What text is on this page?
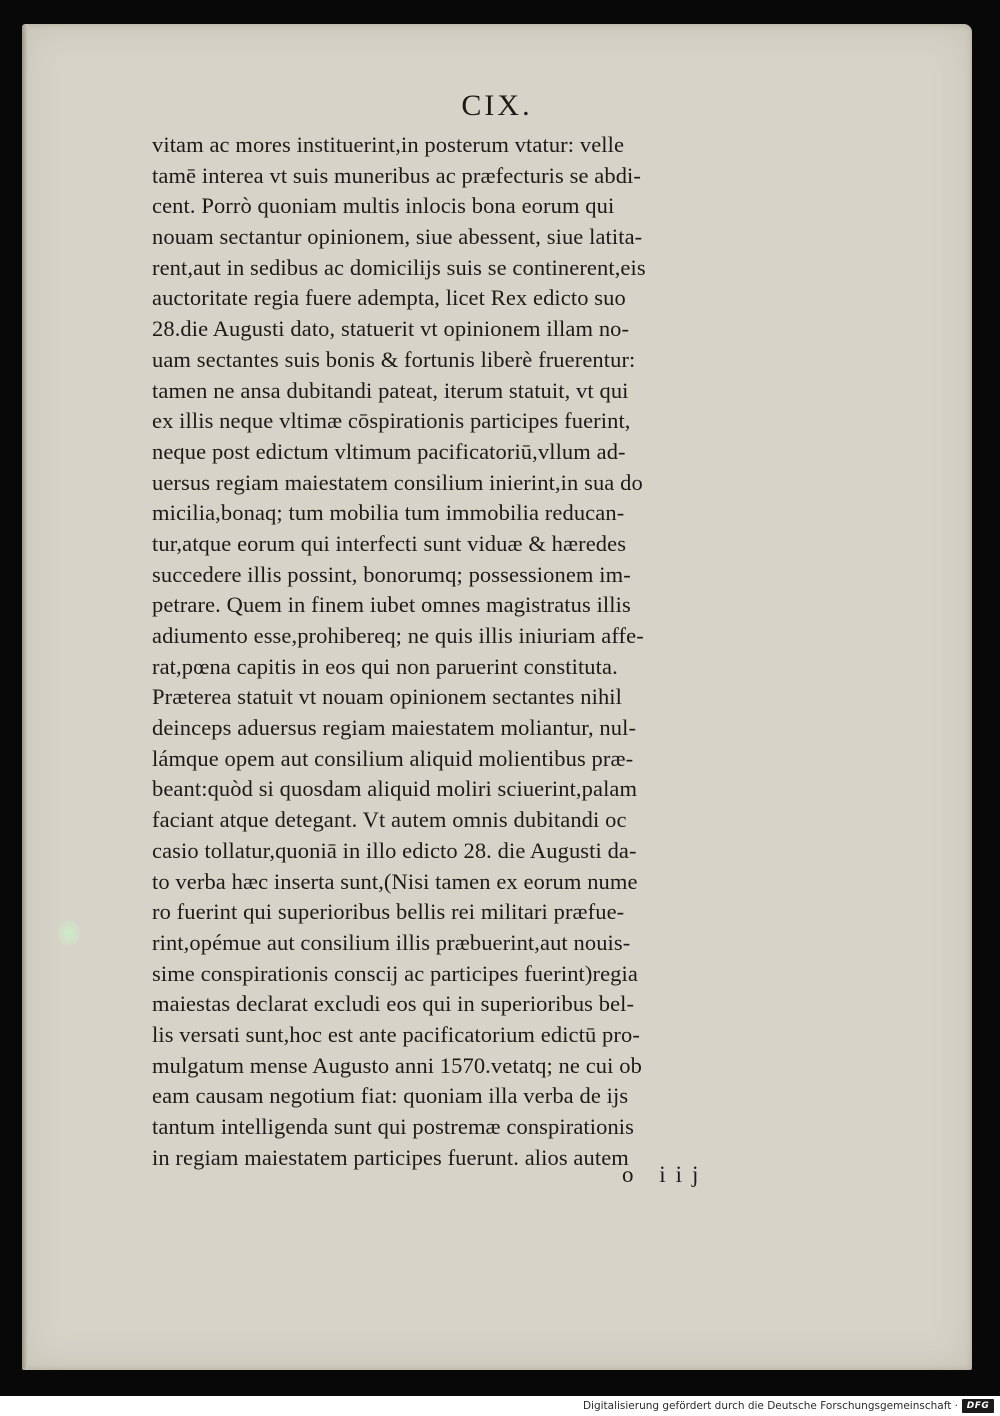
CIX.
vitam ac mores instituerint,in posterum vtatur: velle
tamē interea vt suis muneribus ac præfecturis se abdi-
cent. Porrò quoniam multis inlocis bona eorum qui
nouam sectantur opinionem, siue abessent, siue latita-
rent,aut in sedibus ac domicilijs suis se continerent,eis
auctoritate regia fuere adempta, licet Rex edicto suo
28.die Augusti dato, statuerit vt opinionem illam no-
uam sectantes suis bonis & fortunis liberè fruerentur:
tamen ne ansa dubitandi pateat, iterum statuit, vt qui
ex illis neque vltimæ cōspirationis participes fuerint,
neque post edictum vltimum pacificatoriū,vllum ad-
uersus regiam maiestatem consilium inierint,in sua do
micilia,bonaq; tum mobilia tum immobilia reducan-
tur,atque eorum qui interfecti sunt viduæ & hæredes
succedere illis possint, bonorumq; possessionem im-
petrare. Quem in finem iubet omnes magistratus illis
adiumento esse,prohibereq; ne quis illis iniuriam affe-
rat,pœna capitis in eos qui non paruerint constituta.
Præterea statuit vt nouam opinionem sectantes nihil
deinceps aduersus regiam maiestatem moliantur, nul-
lámque opem aut consilium aliquid molientibus præ-
beant:quòd si quosdam aliquid moliri sciuerint,palam
faciant atque detegant. Vt autem omnis dubitandi oc
casio tollatur,quoniā in illo edicto 28. die Augusti da-
to verba hæc inserta sunt,(Nisi tamen ex eorum nume
ro fuerint qui superioribus bellis rei militari præfue-
rint,opémue aut consilium illis præbuerint,aut nouis-
sime conspirationis conscij ac participes fuerint)regia
maiestas declarat excludi eos qui in superioribus bel-
lis versati sunt,hoc est ante pacificatorium edictū pro-
mulgatum mense Augusto anni 1570.vetatq; ne cui ob
eam causam negotium fiat: quoniam illa verba de ijs
tantum intelligenda sunt qui postremæ conspirationis
in regiam maiestatem participes fuerunt. alios autem
o iij
Digitalisierung gefördert durch die Deutsche Forschungsgemeinschaft · DFG
